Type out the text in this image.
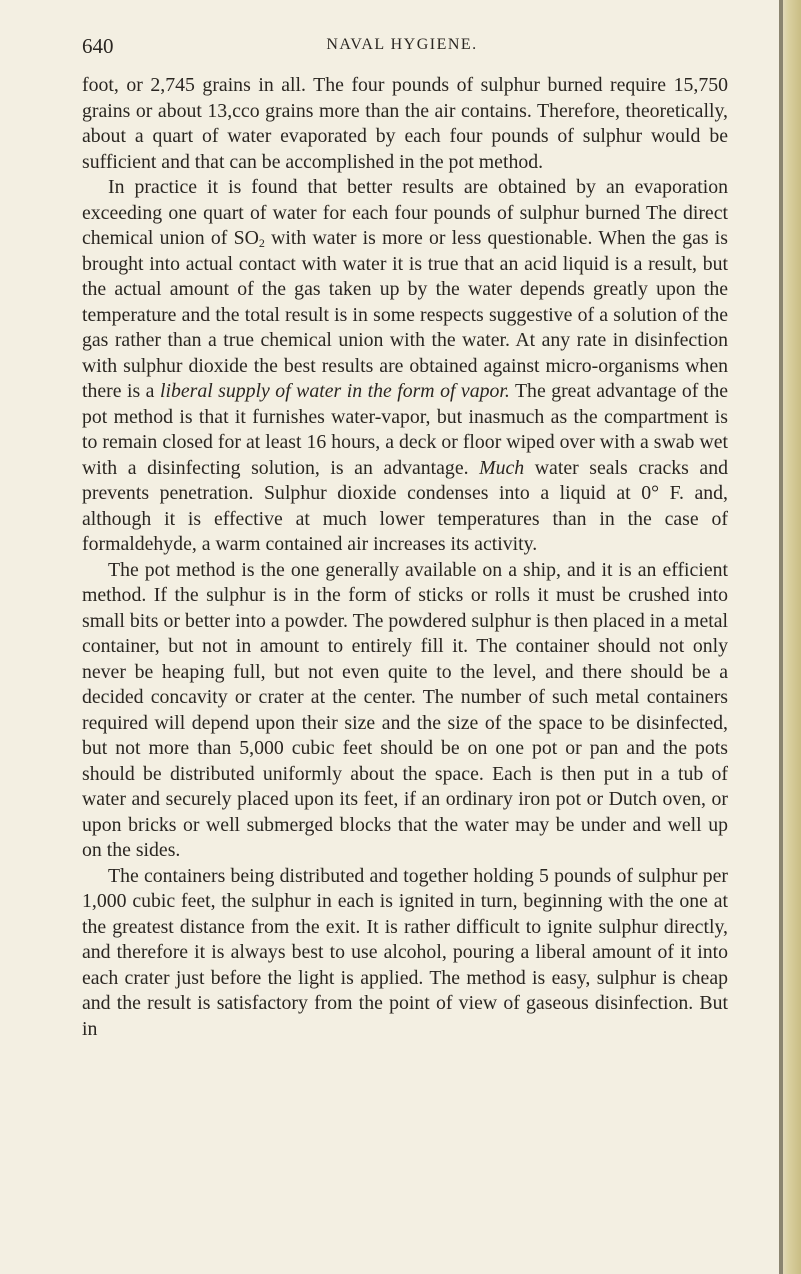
640	NAVAL HYGIENE.

foot, or 2,745 grains in all. The four pounds of sulphur burned require 15,750 grains or about 13,cco grains more than the air contains. Therefore, theoretically, about a quart of water evaporated by each four pounds of sulphur would be sufficient and that can be accomplished in the pot method.

In practice it is found that better results are obtained by an evaporation exceeding one quart of water for each four pounds of sulphur burned The direct chemical union of $SO_2$ with water is more or less questionable. When the gas is brought into actual contact with water it is true that an acid liquid is a result, but the actual amount of the gas taken up by the water depends greatly upon the temperature and the total result is in some respects suggestive of a solution of the gas rather than a true chemical union with the water. At any rate in disinfection with sulphur dioxide the best results are obtained against micro-organisms when there is a liberal supply of water in the form of vapor. The great advantage of the pot method is that it furnishes water-vapor, but inasmuch as the compartment is to remain closed for at least 16 hours, a deck or floor wiped over with a swab wet with a disinfecting solution, is an advantage. Much water seals cracks and prevents penetration. Sulphur dioxide condenses into a liquid at 0° F. and, although it is effective at much lower temperatures than in the case of formaldehyde, a warm contained air increases its activity.

The pot method is the one generally available on a ship, and it is an efficient method. If the sulphur is in the form of sticks or rolls it must be crushed into small bits or better into a powder. The powdered sulphur is then placed in a metal container, but not in amount to entirely fill it. The container should not only never be heaping full, but not even quite to the level, and there should be a decided concavity or crater at the center. The number of such metal containers required will depend upon their size and the size of the space to be disinfected, but not more than 5,000 cubic feet should be on one pot or pan and the pots should be distributed uniformly about the space. Each is then put in a tub of water and securely placed upon its feet, if an ordinary iron pot or Dutch oven, or upon bricks or well submerged blocks that the water may be under and well up on the sides.

The containers being distributed and together holding 5 pounds of sulphur per 1,000 cubic feet, the sulphur in each is ignited in turn, beginning with the one at the greatest distance from the exit. It is rather difficult to ignite sulphur directly, and therefore it is always best to use alcohol, pouring a liberal amount of it into each crater just before the light is applied. The method is easy, sulphur is cheap and the result is satisfactory from the point of view of gaseous disinfection. But in
